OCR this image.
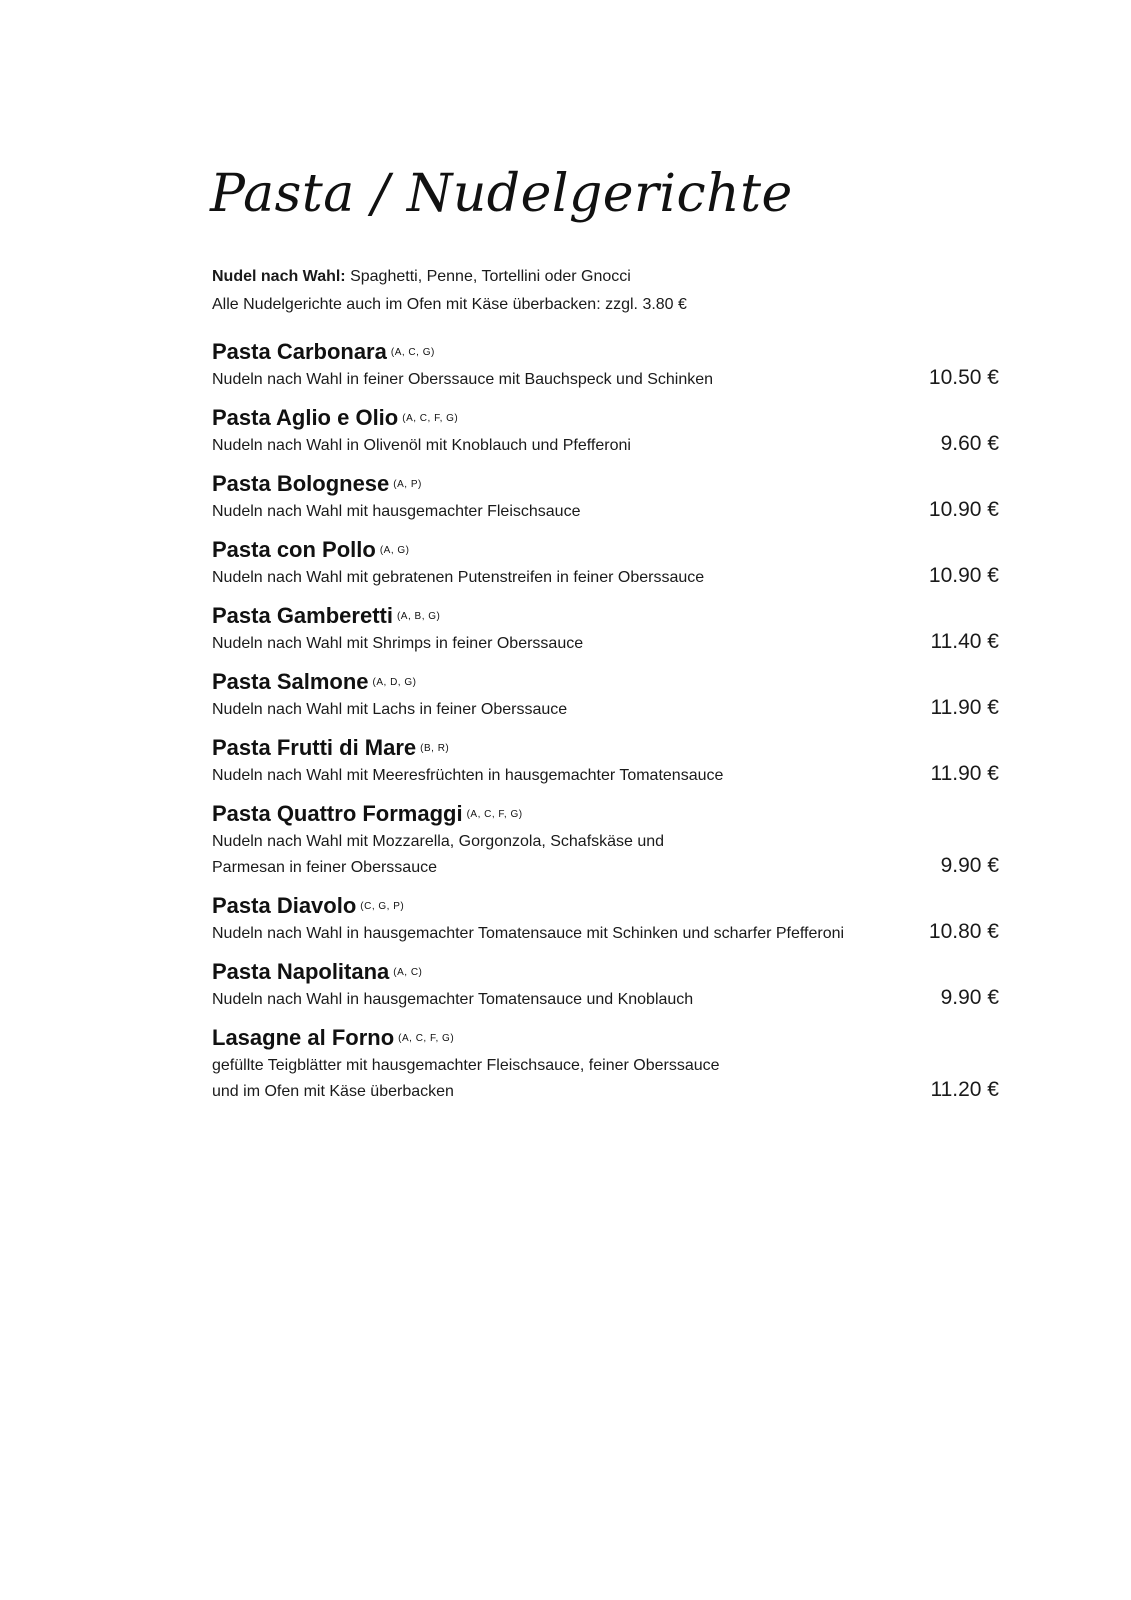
Pasta / Nudelgerichte
Nudel nach Wahl: Spaghetti, Penne, Tortellini oder Gnocci
Alle Nudelgerichte auch im Ofen mit Käse überbacken: zzgl. 3.80 €
Pasta Carbonara $^{(A, C, G)}$
Nudeln nach Wahl in feiner Oberssauce mit Bauchspeck und Schinken	10.50 €
Pasta Aglio e Olio $^{(A, C, F, G)}$
Nudeln nach Wahl in Olivenöl mit Knoblauch und Pfefferoni	9.60 €
Pasta Bolognese $^{(A, P)}$
Nudeln nach Wahl mit hausgemachter Fleischsauce	10.90 €
Pasta con Pollo $^{(A, G)}$
Nudeln nach Wahl mit gebratenen Putenstreifen in feiner Oberssauce	10.90 €
Pasta Gamberetti $^{(A, B, G)}$
Nudeln nach Wahl mit Shrimps in feiner Oberssauce	11.40 €
Pasta Salmone $^{(A, D, G)}$
Nudeln nach Wahl mit Lachs in feiner Oberssauce	11.90 €
Pasta Frutti di Mare $^{(B, R)}$
Nudeln nach Wahl mit Meeresfrüchten in hausgemachter Tomatensauce	11.90 €
Pasta Quattro Formaggi $^{(A, C, F, G)}$
Nudeln nach Wahl mit Mozzarella, Gorgonzola, Schafskäse und
Parmesan in feiner Oberssauce	9.90 €
Pasta Diavolo $^{(C, G, P)}$
Nudeln nach Wahl in hausgemachter Tomatensauce mit Schinken und scharfer Pfefferoni	10.80 €
Pasta Napolitana $^{(A, C)}$
Nudeln nach Wahl in hausgemachter Tomatensauce und Knoblauch	9.90 €
Lasagne al Forno $^{(A, C, F, G)}$
gefüllte Teigblätter mit hausgemachter Fleischsauce, feiner Oberssauce
und im Ofen mit Käse überbacken	11.20 €
